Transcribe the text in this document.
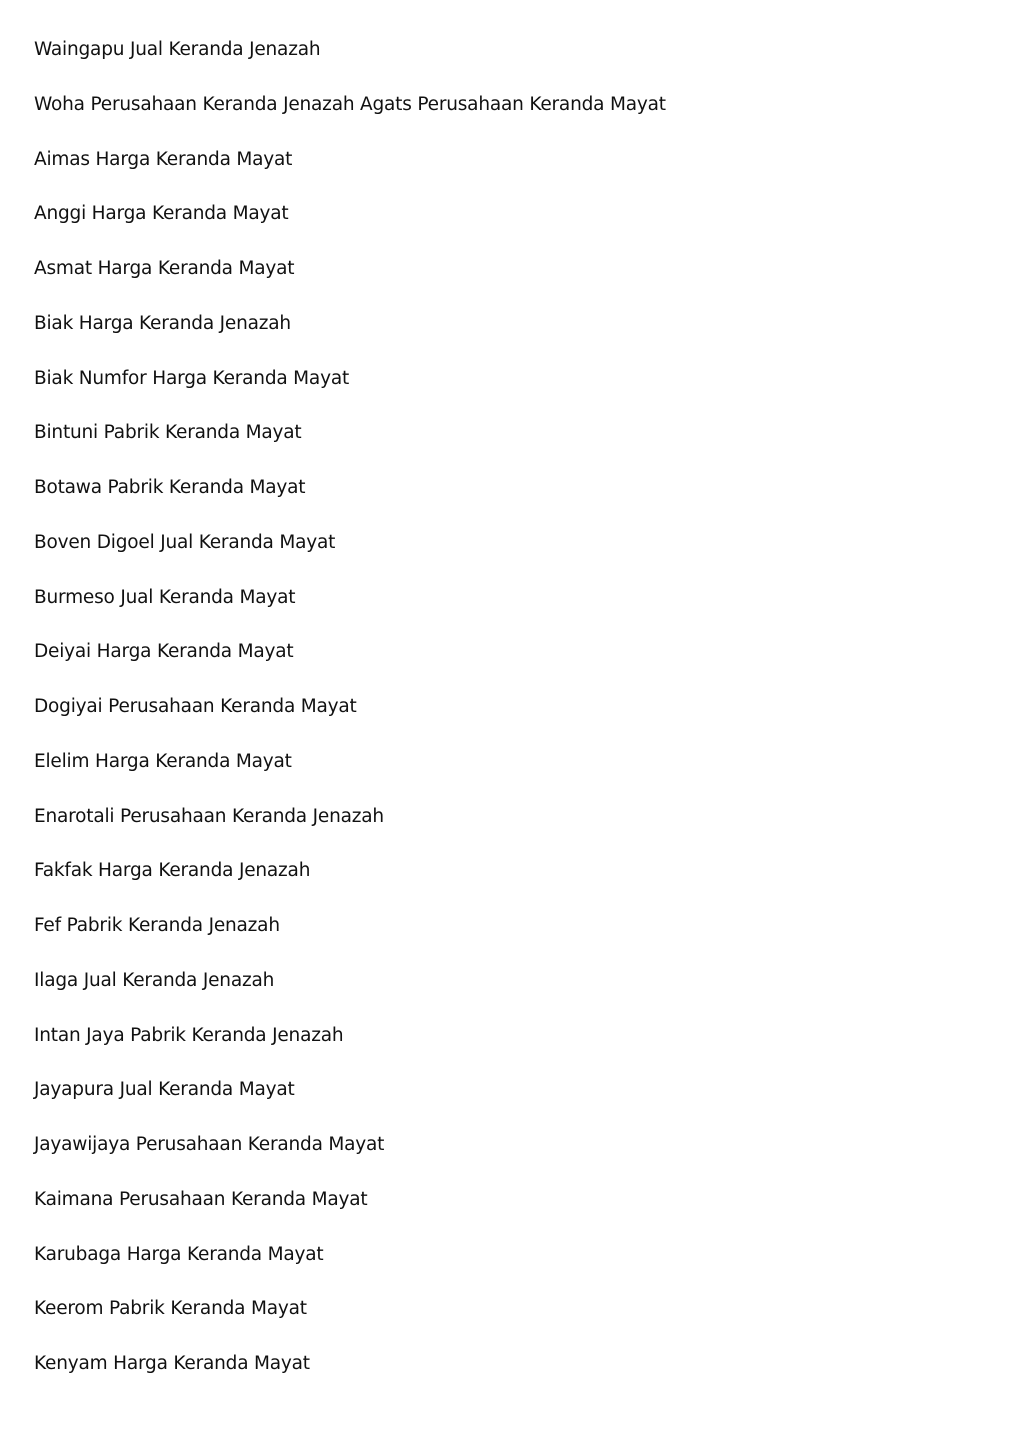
Waingapu Jual Keranda Jenazah
Woha Perusahaan Keranda Jenazah Agats Perusahaan Keranda Mayat
Aimas Harga Keranda Mayat
Anggi Harga Keranda Mayat
Asmat Harga Keranda Mayat
Biak Harga Keranda Jenazah
Biak Numfor Harga Keranda Mayat
Bintuni Pabrik Keranda Mayat
Botawa Pabrik Keranda Mayat
Boven Digoel Jual Keranda Mayat
Burmeso Jual Keranda Mayat
Deiyai Harga Keranda Mayat
Dogiyai Perusahaan Keranda Mayat
Elelim Harga Keranda Mayat
Enarotali Perusahaan Keranda Jenazah
Fakfak Harga Keranda Jenazah
Fef Pabrik Keranda Jenazah
Ilaga Jual Keranda Jenazah
Intan Jaya Pabrik Keranda Jenazah
Jayapura Jual Keranda Mayat
Jayawijaya Perusahaan Keranda Mayat
Kaimana Perusahaan Keranda Mayat
Karubaga Harga Keranda Mayat
Keerom Pabrik Keranda Mayat
Kenyam Harga Keranda Mayat
